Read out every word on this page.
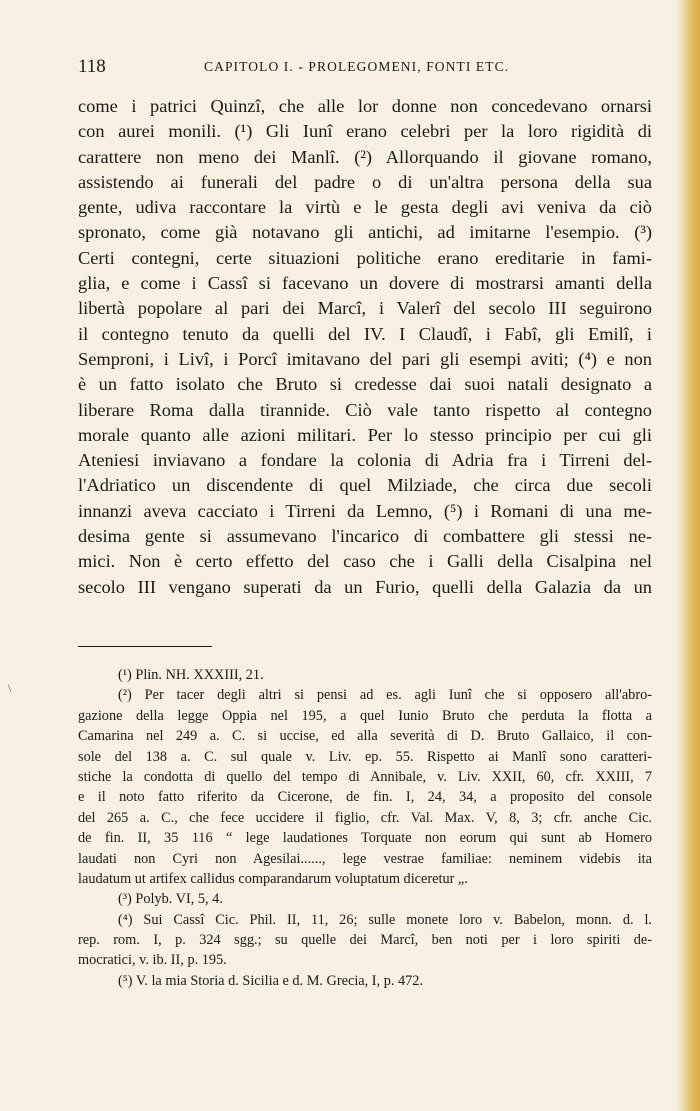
118	CAPITOLO I. - PROLEGOMENI, FONTI ETC.
come i patrici Quinzî, che alle lor donne non concedevano ornarsi
con aurei monili. (¹) Gli Iunî erano celebri per la loro rigidità di
carattere non meno dei Manlî. (²) Allorquando il giovane romano,
assistendo ai funerali del padre o di un'altra persona della sua
gente, udiva raccontare la virtù e le gesta degli avi veniva da ciò
spronato, come già notavano gli antichi, ad imitarne l'esempio. (³)
Certi contegni, certe situazioni politiche erano ereditarie in fami-
glia, e come i Cassî si facevano un dovere di mostrarsi amanti della
libertà popolare al pari dei Marcî, i Valerî del secolo III seguirono
il contegno tenuto da quelli del IV. I Claudî, i Fabî, gli Emilî, i
Semproni, i Livî, i Porcî imitavano del pari gli esempi aviti; (⁴) e non
è un fatto isolato che Bruto si credesse dai suoi natali designato a
liberare Roma dalla tirannide. Ciò vale tanto rispetto al contegno
morale quanto alle azioni militari. Per lo stesso principio per cui gli
Ateniesi inviavano a fondare la colonia di Adria fra i Tirreni del-
l'Adriatico un discendente di quel Milziade, che circa due secoli
innanzi aveva cacciato i Tirreni da Lemno, (⁵) i Romani di una me-
desima gente si assumevano l'incarico di combattere gli stessi ne-
mici. Non è certo effetto del caso che i Galli della Cisalpina nel
secolo III vengano superati da un Furio, quelli della Galazia da un
\
(¹) Plin. NH. XXXIII, 21.
(²) Per tacer degli altri si pensi ad es. agli Iunî che si opposero all'abro-
gazione della legge Oppia nel 195, a quel Iunio Bruto che perduta la flotta a
Camarina nel 249 a. C. si uccise, ed alla severità di D. Bruto Gallaico, il con-
sole del 138 a. C. sul quale v. Liv. ep. 55. Rispetto ai Manlî sono caratteri-
stiche la condotta di quello del tempo di Annibale, v. Liv. XXII, 60, cfr. XXIII, 7
e il noto fatto riferito da Cicerone, de fin. I, 24, 34, a proposito del console
del 265 a. C., che fece uccidere il figlio, cfr. Val. Max. V, 8, 3; cfr. anche Cic.
de fin. II, 35 116 “ lege laudationes Torquate non eorum qui sunt ab Homero
laudati non Cyri non Agesilai......, lege vestrae familiae: neminem videbis ita
laudatum ut artifex callidus comparandarum voluptatum diceretur „.
(³) Polyb. VI, 5, 4.
(⁴) Sui Cassî Cic. Phil. II, 11, 26; sulle monete loro v. Babelon, monn. d. l.
rep. rom. I, p. 324 sgg.; su quelle dei Marcî, ben noti per i loro spiriti de-
mocratici, v. ib. II, p. 195.
(⁵) V. la mia Storia d. Sicilia e d. M. Grecia, I, p. 472.
